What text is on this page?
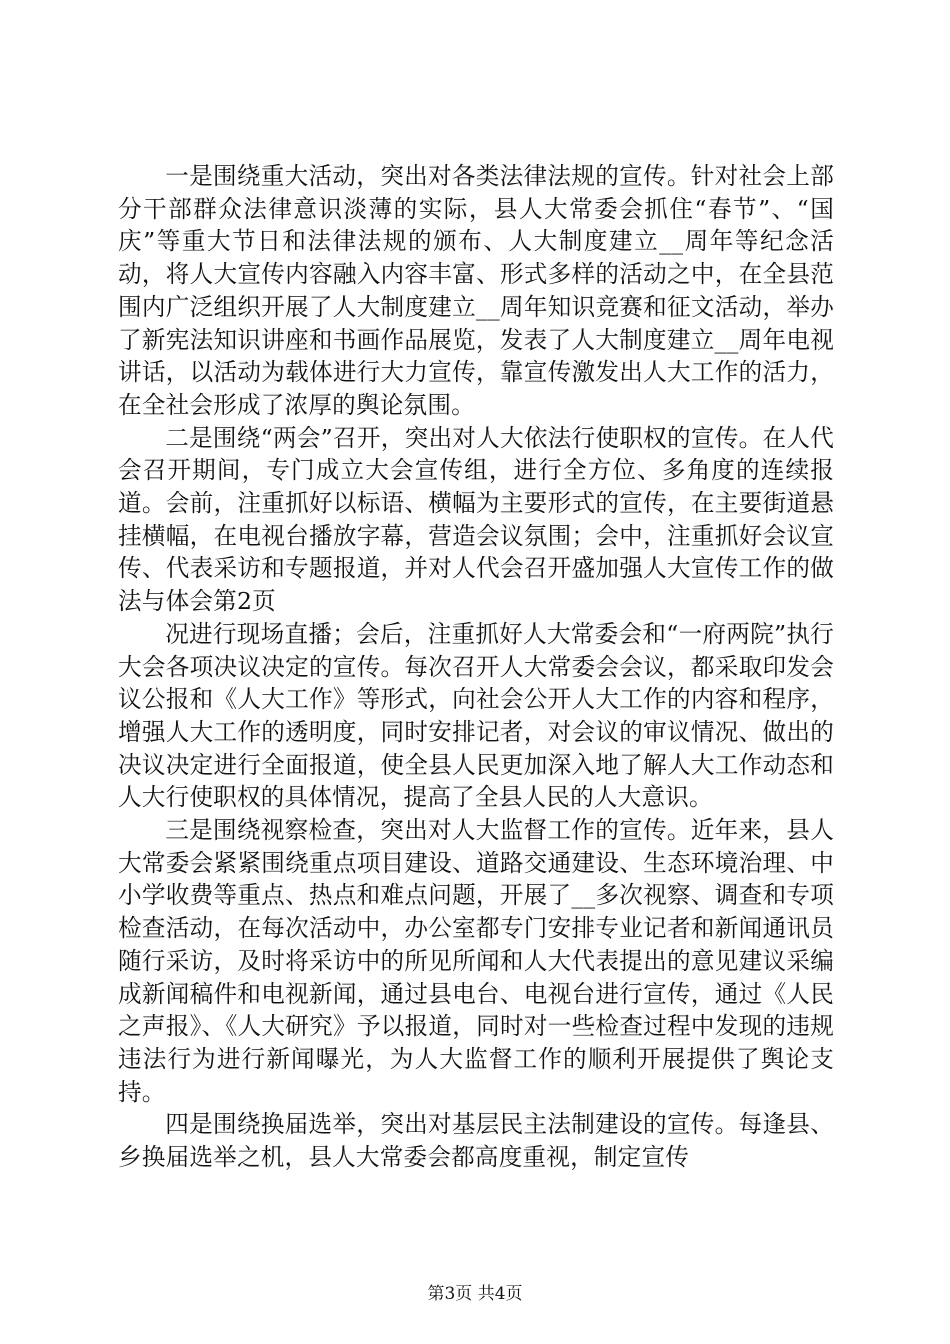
一是围绕重大活动，突出对各类法律法规的宣传。针对社会上部分干部群众法律意识淡薄的实际，县人大常委会抓住“春节”、“国庆”等重大节日和法律法规的颁布、人大制度建立__周年等纪念活动，将人大宣传内容融入内容丰富、形式多样的活动之中，在全县范围内广泛组织开展了人大制度建立__周年知识竞赛和征文活动，举办了新宪法知识讲座和书画作品展览，发表了人大制度建立__周年电视讲话，以活动为载体进行大力宣传，靠宣传激发出人大工作的活力，在全社会形成了浓厚的舆论氛围。

二是围绕“两会”召开，突出对人大依法行使职权的宣传。在人代会召开期间，专门成立大会宣传组，进行全方位、多角度的连续报道。会前，注重抓好以标语、横幅为主要形式的宣传，在主要街道悬挂横幅，在电视台播放字幕，营造会议氛围；会中，注重抓好会议宣传、代表采访和专题报道，并对人代会召开盛加强人大宣传工作的做法与体会第2页

况进行现场直播；会后，注重抓好人大常委会和“一府两院”执行大会各项决议决定的宣传。每次召开人大常委会会议，都采取印发会议公报和《人大工作》等形式，向社会公开人大工作的内容和程序，增强人大工作的透明度，同时安排记者，对会议的审议情况、做出的决议决定进行全面报道，使全县人民更加深入地了解人大工作动态和人大行使职权的具体情况，提高了全县人民的人大意识。

三是围绕视察检查，突出对人大监督工作的宣传。近年来，县人大常委会紧紧围绕重点项目建设、道路交通建设、生态环境治理、中小学收费等重点、热点和难点问题，开展了__多次视察、调查和专项检查活动，在每次活动中，办公室都专门安排专业记者和新闻通讯员随行采访，及时将采访中的所见所闻和人大代表提出的意见建议采编成新闻稿件和电视新闻，通过县电台、电视台进行宣传，通过《人民之声报》、《人大研究》予以报道，同时对一些检查过程中发现的违规违法行为进行新闻曝光，为人大监督工作的顺利开展提供了舆论支持。

四是围绕换届选举，突出对基层民主法制建设的宣传。每逢县、乡换届选举之机，县人大常委会都高度重视，制定宣传

第3页 共4页
